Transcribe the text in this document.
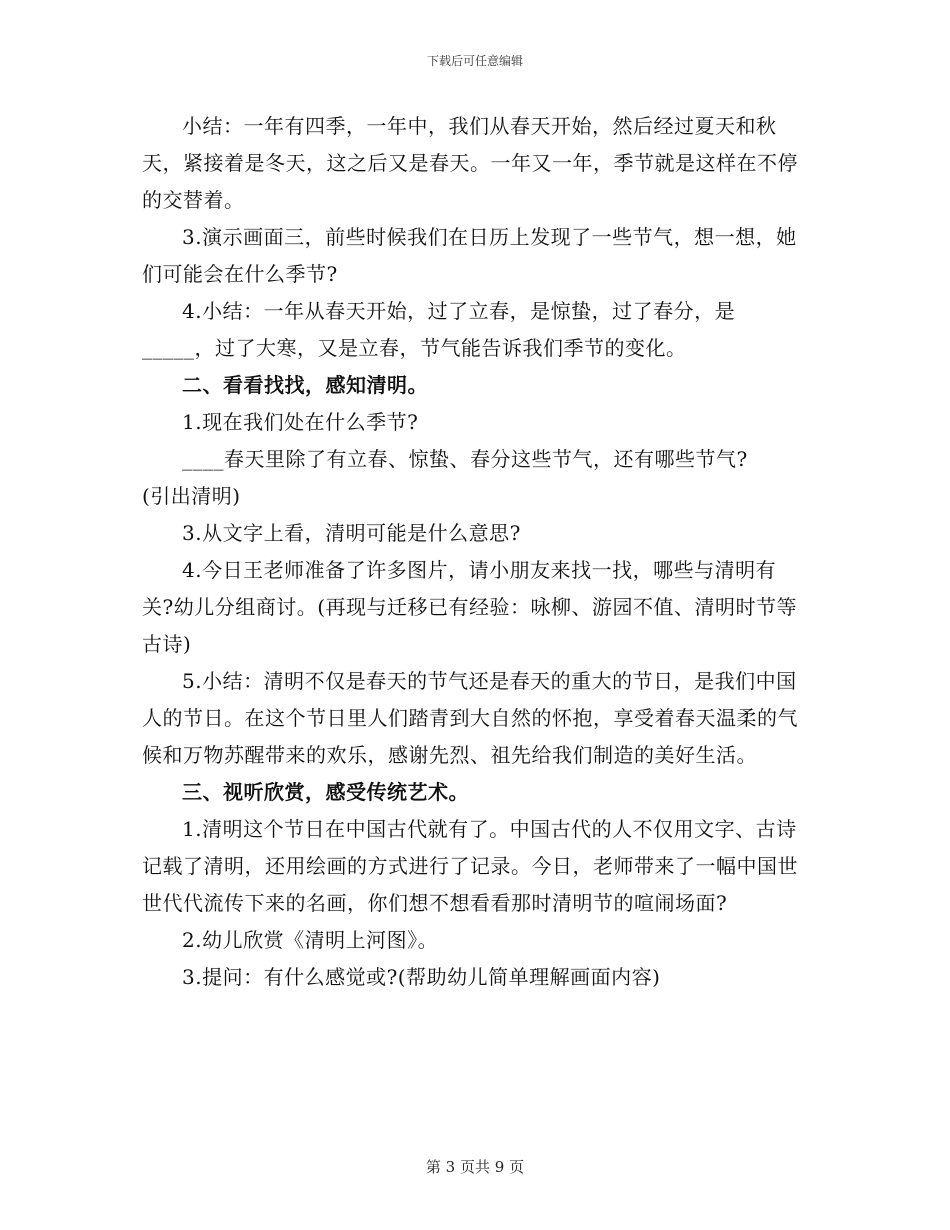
下载后可任意编辑

小结：一年有四季，一年中，我们从春天开始，然后经过夏天和秋天，紧接着是冬天，这之后又是春天。一年又一年，季节就是这样在不停的交替着。

3.演示画面三，前些时候我们在日历上发现了一些节气，想一想，她们可能会在什么季节?

4.小结：一年从春天开始，过了立春，是惊蛰，过了春分，是_____，过了大寒，又是立春，节气能告诉我们季节的变化。

二、看看找找，感知清明。

1.现在我们处在什么季节?

____春天里除了有立春、惊蛰、春分这些节气，还有哪些节气?

(引出清明)

3.从文字上看，清明可能是什么意思?

4.今日王老师准备了许多图片，请小朋友来找一找，哪些与清明有关?幼儿分组商讨。(再现与迁移已有经验：咏柳、游园不值、清明时节等古诗)

5.小结：清明不仅是春天的节气还是春天的重大的节日，是我们中国人的节日。在这个节日里人们踏青到大自然的怀抱，享受着春天温柔的气候和万物苏醒带来的欢乐，感谢先烈、祖先给我们制造的美好生活。

三、视听欣赏，感受传统艺术。

1.清明这个节日在中国古代就有了。中国古代的人不仅用文字、古诗记载了清明，还用绘画的方式进行了记录。今日，老师带来了一幅中国世世代代流传下来的名画，你们想不想看看那时清明节的喧闹场面?

2.幼儿欣赏《清明上河图》。

3.提问：有什么感觉或?(帮助幼儿简单理解画面内容)

第 3 页共 9 页
